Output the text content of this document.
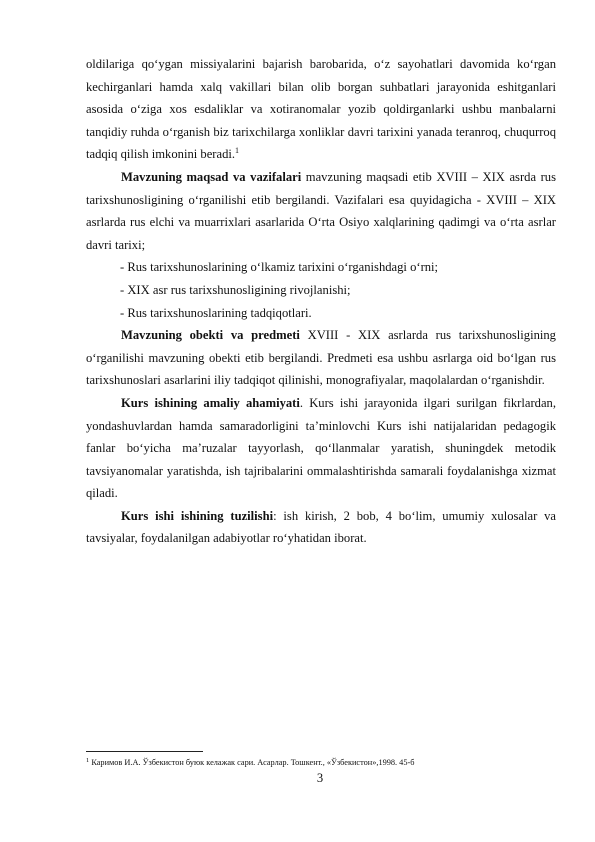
oldilariga qo‘ygan missiyalarini bajarish barobarida, o‘z sayohatlari davomida ko‘rgan kechirganlari hamda xalq vakillari bilan olib borgan suhbatlari jarayonida eshitganlari asosida o‘ziga xos esdaliklar va xotiranomalar yozib qoldirganlarki ushbu manbalarni tanqidiy ruhda o‘rganish biz tarixchilarga xonliklar davri tarixini yanada teranroq, chuqurroq tadqiq qilish imkonini beradi.$^1$

Mavzuning maqsad va vazifalari mavzuning maqsadi etib XVIII – XIX asrda rus tarixshunosligining o‘rganilishi etib bergilandi. Vazifalari esa quyidagicha - XVIII – XIX asrlarda rus elchi va muarrixlari asarlarida O‘rta Osiyo xalqlarining qadimgi va o‘rta asrlar davri tarixi;

- Rus tarixshunoslarining o‘lkamiz tarixini o‘rganishdagi o‘rni;

- XIX asr rus tarixshunosligining rivojlanishi;

- Rus tarixshunoslarining tadqiqotlari.

Mavzuning obekti va predmeti XVIII - XIX asrlarda rus tarixshunosligining o‘rganilishi mavzuning obekti etib bergilandi. Predmeti esa ushbu asrlarga oid bo‘lgan rus tarixshunoslari asarlarini iliy tadqiqot qilinishi, monografiyalar, maqolalardan o‘rganishdir.

Kurs ishining amaliy ahamiyati. Kurs ishi jarayonida ilgari surilgan fikrlardan, yondashuvlardan hamda samaradorligini ta’minlovchi Kurs ishi natijalaridan pedagogik fanlar bo‘yicha ma’ruzalar tayyorlash, qo‘llanmalar yaratish, shuningdek metodik tavsiyanomalar yaratishda, ish tajribalarini ommalashtirishda samarali foydalanishga xizmat qiladi.

Kurs ishi ishining tuzilishi: ish kirish, 2 bob, 4 bo‘lim, umumiy xulosalar va tavsiyalar, foydalanilgan adabiyotlar ro‘yhatidan iborat.

$^1$ Каримов И.А. Ўзбекистон буюк келажак сари. Асарлар. Тошкент., «Ўзбекистон»,1998. 45-б
3
